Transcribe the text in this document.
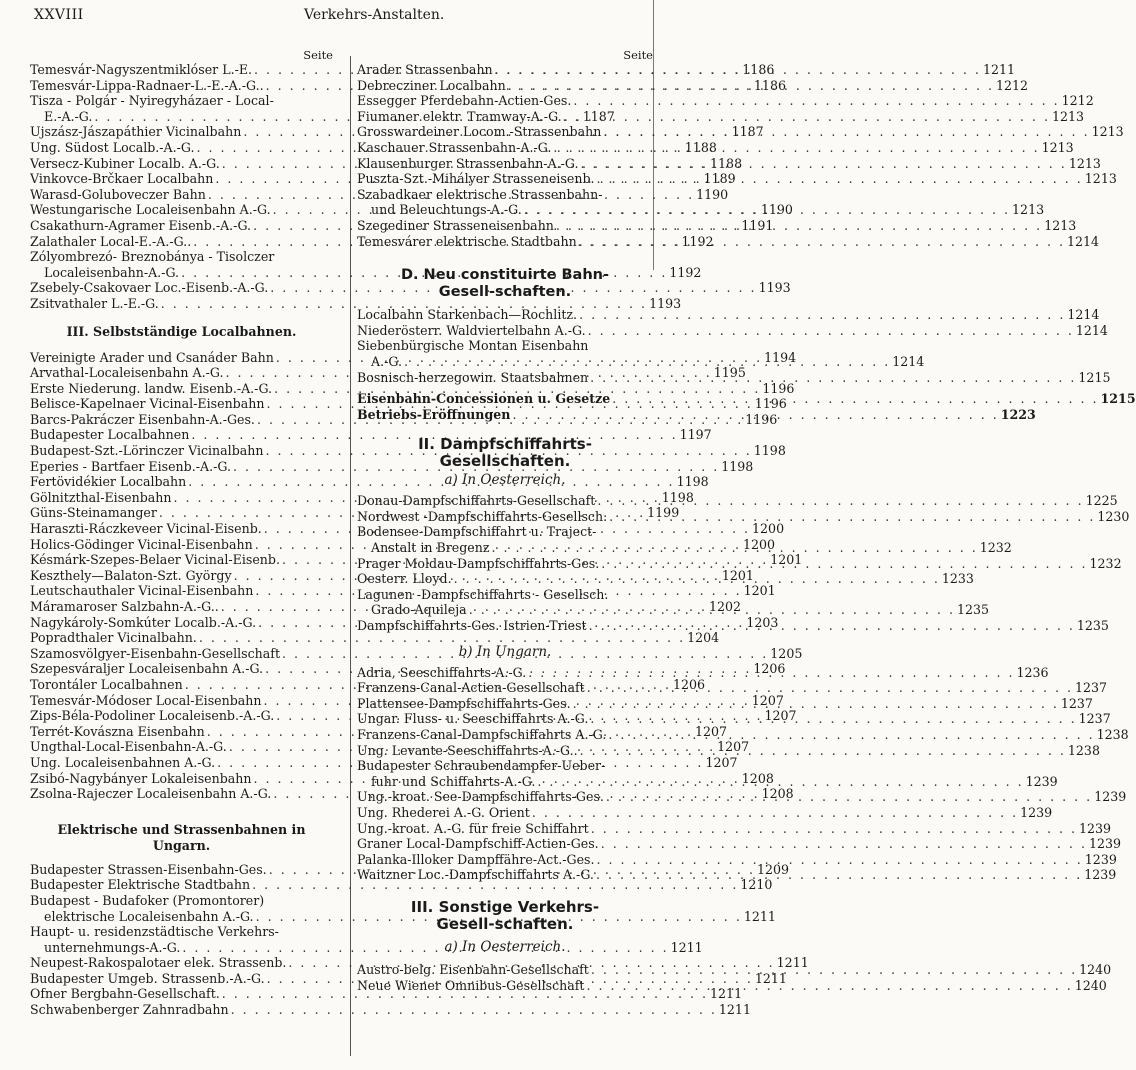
XXVIII	Verkehrs-Anstalten.
Seite
Temesvár-Nagyszentmiklóser L.-E. . . .	1186
Temesvár-Lippa-Radnaer-L.-E.-A.-G.. . . .	1186
Tisza - Polgár - Nyiregyházaer - Local-
E.-A.-G. . . .	1187
Ujszász-Jászapáthier Vicinalbahn . . .	1187
Ung. Südost Localb.-A.-G. . . .	1188
Versecz-Kubiner Localb. A.-G. . . .	1188
Vinkovce-Brčkaer Localbahn . . .	1189
Warasd-Golubovеczer Bahn . . .	1190
Westungarische Localeisenbahn A.-G. . . .	1190
Csakathurn-Agramer Eisenb.-A.-G. . . .	1191
Zalathaler Local-E.-A.-G.. . . .	1192
Zólyombrezó- Breznobánya - Tisolczer
Localeisenbahn-A.-G. . . .	1192
Zsebely-Csakovaer Loc.-Eisenb.-A.-G. . . .	1193
Zsitvathaler L.-E.-G. . . .	1193
III. Selbstständige Localbahnen.
Vereinigte Arader und Csanáder Bahn . . .	1194
Arvathal-Localeisenbahn A.-G. . . .	1195
Erste Niederung. landw. Eisenb.-A.-G. . . .	1196
Belisce-Kapelnaer Vicinal-Eisenbahn . . .	1196
Barcs-Pakráczer Eisenbahn-A.-Ges. . . .	1196
Budapester Localbahnen . . .	1197
Budapest-Szt.-Lörinczer Vicinalbahn . . .	1198
Eperies - Bartfaer Eisenb.-A.-G. . . .	1198
Fertövidékier Localbahn . . .	1198
Gölnitzthal-Eisenbahn . . .	1198
Güns-Steinamanger . . .	1199
Haraszti-Ráczkeveer Vicinal-Eisenb. . . .	1200
Holics-Gödinger Vicinal-Eisenbahn . . .	1200
Késmárk-Szepes-Belaer Vicinal-Eisenb. . . .	1201
Keszthely—Balaton-Szt. György . . .	1201
Leutschauthaler Vicinal-Eisenbahn . . .	1201
Máramaroser Salzbahn-A.-G.. . . .	1202
Nagykároly-Somkúter Localb.-A.-G. . . .	1203
Popradthaler Vicinalbahn. . . .	1204
Szamosvölgyer-Eisenbahn-Gesellschaft . . .	1205
Szepesváraljer Localeisenbahn A.-G. . . .	1206
Torontáler Localbahnen . . .	1206
Temesvár-Módoser Local-Eisenbahn . . .	1207
Zips-Béla-Podoliner Localeisenb.-A.-G. . . .	1207
Terrét-Kovászna Eisenbahn . . .	1207
Ungthal-Local-Eisenbahn-A.-G. . . .	1207
Ung. Localeisenbahnen A.-G. . . .	1207
Zsibó-Nagybányer Lokaleisenbahn . . .	1208
Zsolna-Rajeczer Localeisenbahn A.-G. . . .	1208
Elektrische und Strassenbahnen in Ungarn.
Budapester Strassen-Eisenbahn-Ges. . . .	1209
Budapester Elektrische Stadtbahn . . .	1210
Budapest - Budafoker (Promontorer)
elektrische Localeisenbahn A.-G. . . .	1211
Haupt- u. residenzstädtische Verkehrs-
unternehmungs-A.-G. . . .	1211
Neupest-Rakospalotaer elek. Strassenb. . . .	1211
Budapester Umgeb. Strassenb.-A.-G. . . .	1211
Ofner Bergbahn-Gesellschaft. . . .	1211
Schwabenberger Zahnradbahn . . .	1211
Seite
Arader Strassenbahn . . .	1211
Debrecziner Localbahn . . .	1212
Essegger Pferdebahn-Actien-Ges. . . .	1212
Fiumaner elektr. Tramway-A.-G. . . .	1213
Grosswardeiner Locom.-Strassenbahn . . .	1213
Kaschauer Strassenbahn-A.-G. . . .	1213
Klausenburger Strassenbahn-A.-G. . . .	1213
Puszta-Szt.-Mihályer Strasseneisenb. . . .	1213
Szabadkaer elektrische Strassenbahn-
und Beleuchtungs-A.-G. . . .	1213
Szegediner Strasseneisenbahn . . .	1213
Temesvárer elektrische Stadtbahn . . .	1214
D. Neu constituirte Bahn-Gesell-schaften.
Localbahn Starkenbach—Rochlitz. . . .	1214
Niederösterr. Waldviertelbahn A.-G. . . .	1214
Siebenbürgische Montan Eisenbahn
A.-G. . . .	1214
Bosnisch-herzegowin. Staatsbahnen . . .	1215
Eisenbahn-Concessionen u. Gesetze . . .	1215
Betriebs-Eröffnungen . . .	1223
II. Dampfschiffahrts-Gesellschaften.
a) In Oesterreich.
Donau-Dampfschiffahrts-Gesellschaft . . .	1225
Nordwest -Dampfschiffahrts-Gesellsch. . . .	1230
Bodensee-Dampfschiffahrt u. Traject-
Anstalt in Bregenz . . .	1232
Prager Moldau-Dampfschiffahrts-Ges. . . .	1232
Oesterr. Lloyd. . . .	1233
Lagunen -Dampfschiffahrts - Gesellsch.
Grado-Aquileja . . .	1235
Dampfschiffahrts-Ges. Istrien-Triest . . .	1235
b) In Ungarn.
Adria, Seeschiffahrts-A.-G. . . .	1236
Franzens-Canal-Actien-Gesellschaft . . .	1237
Plattensee-Dampfschiffahrts-Ges. . . .	1237
Ungar. Fluss- u. Seeschiffahrts A.-G. . . .	1237
Franzens-Canal-Dampfschiffahrts A.-G. . . .	1238
Ung. Levante-Seeschiffahrts-A.-G.. . . .	1238
Budapester Schraubendampfer-Ueber-
fuhr und Schiffahrts-A.-G. . . .	1239
Ung.-kroat. See-Dampfschiffahrts-Ges. . . .	1239
Ung. Rhederei A.-G. Orient . . .	1239
Ung.-kroat. A.-G. für freie Schiffahrt . . .	1239
Graner Local-Dampfschiff-Actien-Ges. . . .	1239
Palanka-Illoker Dampffähre-Act.-Ges. . . .	1239
Waitzner Loc.-Dampfschiffahrts A.-G. . . .	1239
III. Sonstige Verkehrs-Gesell-schaften.
a) In Oesterreich.
Austro-belg. Eisenbahn-Gesellschaft . . .	1240
Neue Wiener Omnibus-Gesellschaft . . .	1240
